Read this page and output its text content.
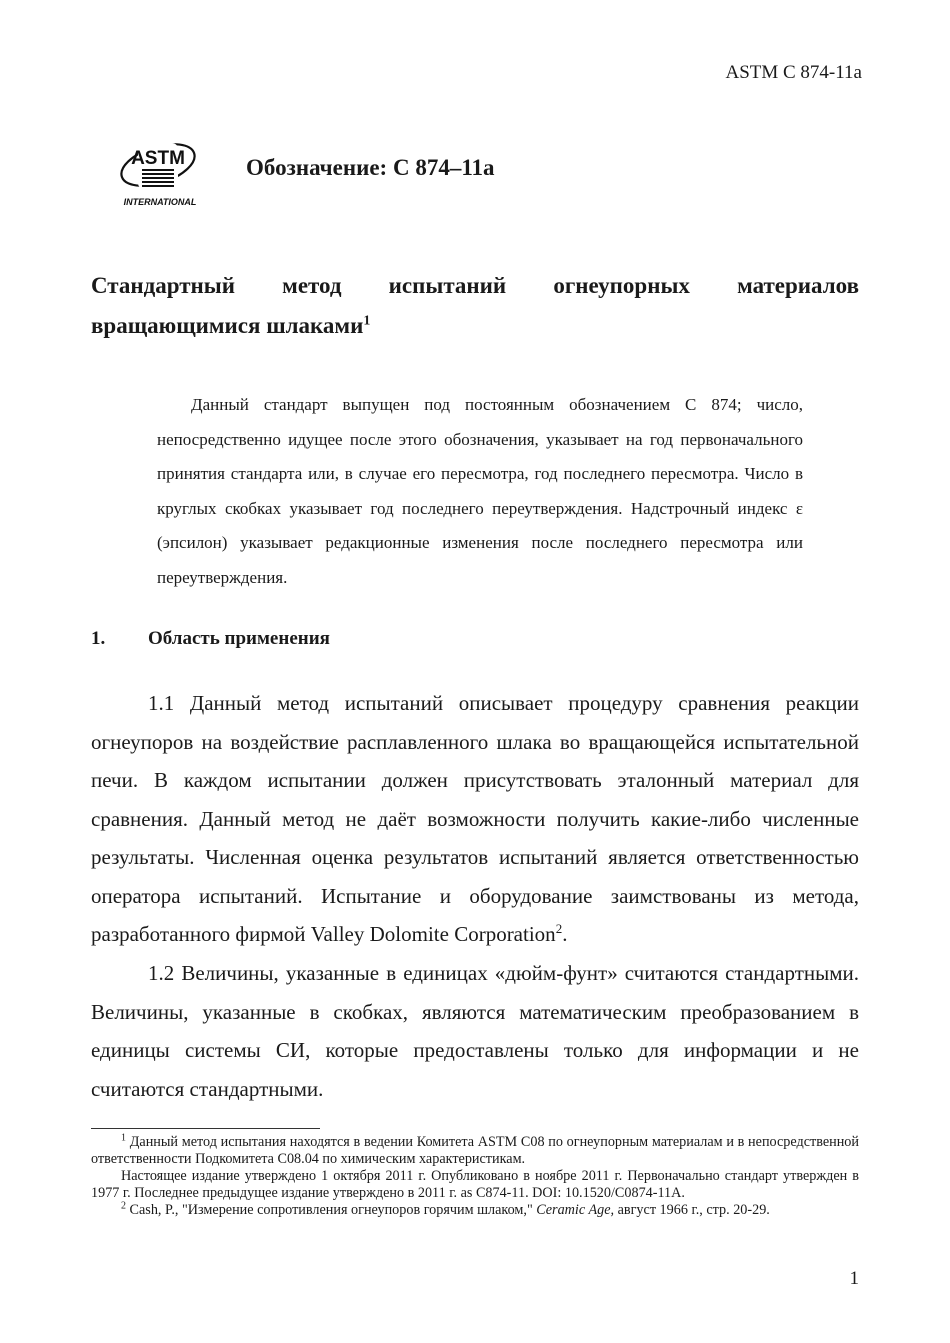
ASTM C 874-11a
ASTM
INTERNATIONAL
Обозначение: C 874–11a
Стандартный метод испытаний огнеупорных материалов
вращающимися шлаками$^1$
Данный стандарт выпущен под постоянным обозначением C 874; число, непосредственно идущее после этого обозначения, указывает на год первоначального принятия стандарта или, в случае его пересмотра, год последнего пересмотра. Число в круглых скобках указывает год последнего переутверждения. Надстрочный индекс ε (эпсилон) указывает редакционные изменения после последнего пересмотра или переутверждения.
1. Область применения
1.1 Данный метод испытаний описывает процедуру сравнения реакции огнеупоров на воздействие расплавленного шлака во вращающейся испытательной печи. В каждом испытании должен присутствовать эталонный материал для сравнения. Данный метод не даёт возможности получить какие-либо численные результаты. Численная оценка результатов испытаний является ответственностью оператора испытаний. Испытание и оборудование заимствованы из метода, разработанного фирмой Valley Dolomite Corporation$^2$.
1.2 Величины, указанные в единицах «дюйм-фунт» считаются стандартными. Величины, указанные в скобках, являются математическим преобразованием в единицы системы СИ, которые предоставлены только для информации и не считаются стандартными.

$^1$ Данный метод испытания находятся в ведении Комитета ASTM C08 по огнеупорным материалам и в непосредственной ответственности Подкомитета C08.04 по химическим характеристикам.

Настоящее издание утверждено 1 октября 2011 г. Опубликовано в ноябре 2011 г. Первоначально стандарт утвержден в 1977 г. Последнее предыдущее издание утверждено в 2011 г. as C874-11. DOI: 10.1520/C0874-11A.

$^2$ Cash, P., "Измерение сопротивления огнеупоров горячим шлаком," Ceramic Age, август 1966 г., стр. 20-29.

1
